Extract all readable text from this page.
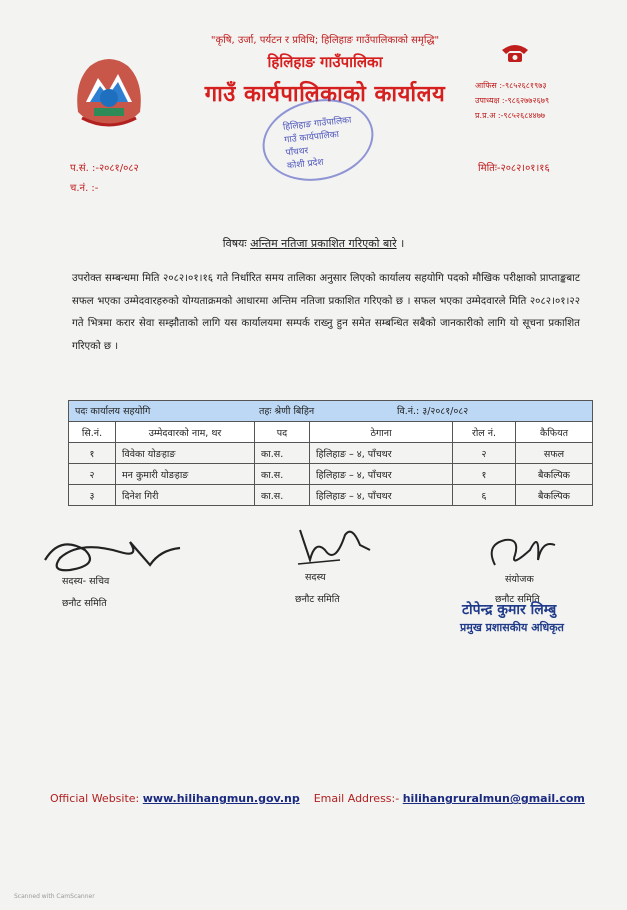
"कृषि, उर्जा, पर्यटन र प्रविधि; हिलिहाङ गाउँपालिकाको समृद्धि"
हिलिहाङ गाउँपालिका
गाउँ कार्यपालिकाको कार्यालय	आफिस :-९८५२६८१९७३
उपाध्यक्ष :-९८६२७७२६७९
प्र.प्र.अ :-९८५२६८४४७७
हिलिहाङ गाउँपालिका
गाउँ कार्यपालिका
पाँचथर
कोशी प्रदेश
प.सं. :-२०८१/०८२
च.नं. :-
मितिः-२०८२।०१।१६
विषयः अन्तिम नतिजा प्रकाशित गरिएको बारे ।
उपरोक्त सम्बन्धमा मिति २०८२।०१।१६ गते निर्धारित समय तालिका अनुसार लिएको कार्यालय सहयोगि पदको मौखिक परीक्षाको प्राप्ताङ्कबाट सफल भएका उम्मेदवारहरुको योग्यताक्रमको आधारमा अन्तिम नतिजा प्रकाशित गरिएको छ । सफल भएका उम्मेदवारले मिति २०८२।०१।२२ गते भित्रमा करार सेवा सम्झौताको लागि यस कार्यालयमा सम्पर्क राख्नु हुन समेत सम्बन्धित सबैको जानकारीको लागि यो सूचना प्रकाशित गरिएको छ ।
पदः कार्यालय सहयोगि तहः श्रेणी बिहिन वि.नं.: ३/२०८१/०८२					

सि.नं.	उम्मेदवारको नाम, थर	पद	ठेगाना	रोल नं.	कैफियत
१	विवेका योङहाङ	का.स.	हिलिहाङ – ४, पाँचथर	२	सफल
२	मन कुमारी योङहाङ	का.स.	हिलिहाङ – ४, पाँचथर	१	बैकल्पिक
३	दिनेश गिरी	का.स.	हिलिहाङ – ४, पाँचथर	६	बैकल्पिक
सदस्य- सचिव
छनौट समिति
सदस्य
छनौट समिति
संयोजक
छनौट समिति
टोपेन्द्र कुमार लिम्बु
प्रमुख प्रशासकीय अधिकृत
Official Website: www.hilihangmun.gov.np Email Address:- hilihangruralmun@gmail.com
Scanned with CamScanner
